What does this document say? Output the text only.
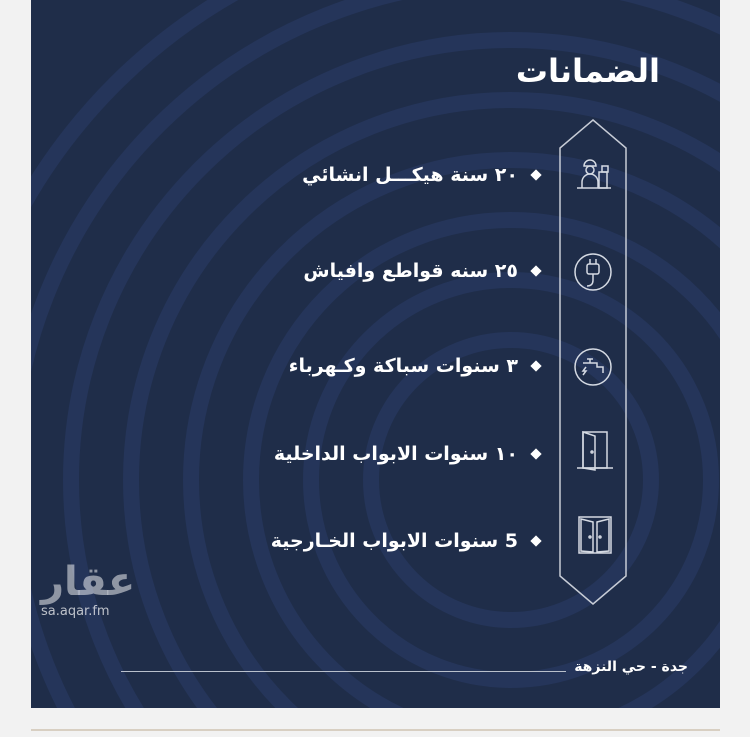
الضمانات
٢٠ سنة هيكـــل انشائي
٢٥ سنه قواطع وافياش
٣ سنوات سباكة وكـهرباء
١٠ سنوات الابواب الداخلية
5 سنوات الابواب الخـارجية
جدة - حي النزهة
عقار
sa.aqar.fm
